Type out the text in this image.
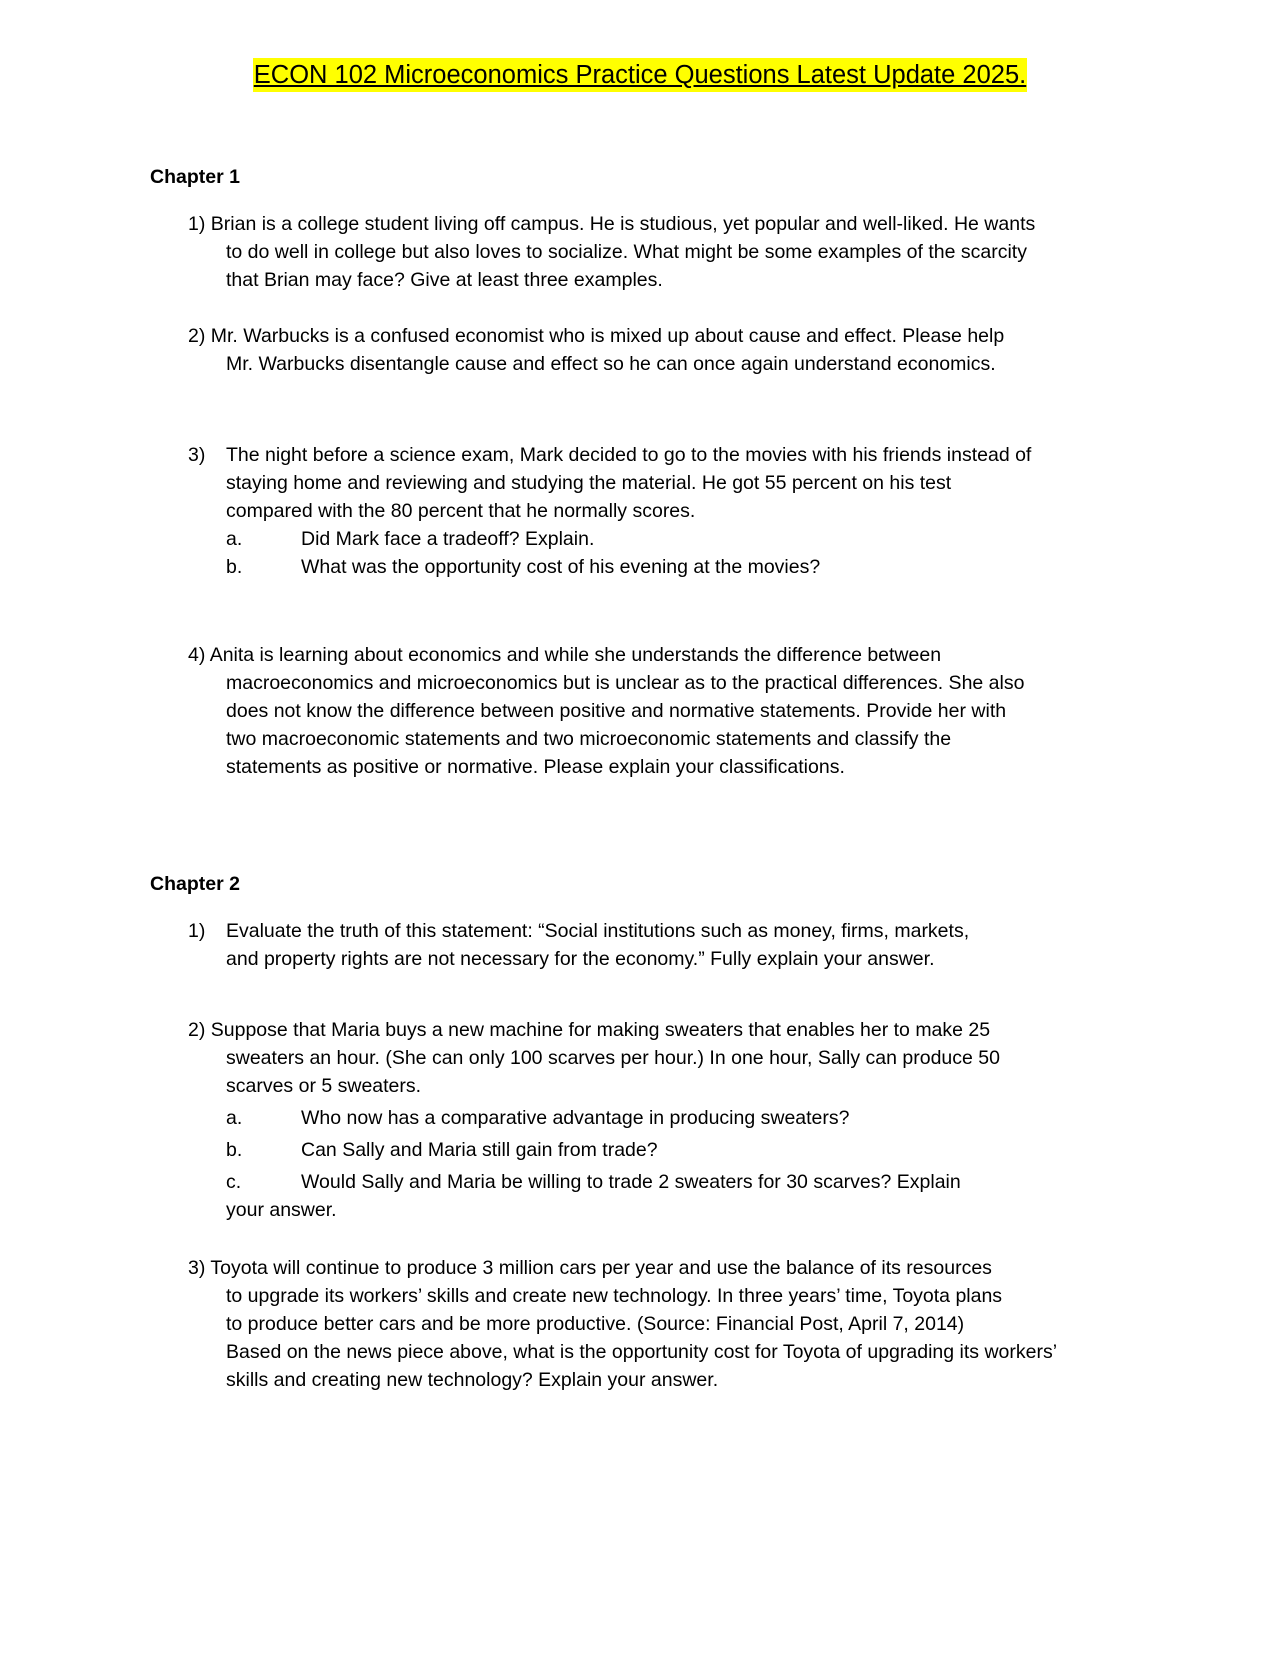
ECON 102 Microeconomics Practice Questions Latest Update 2025.
Chapter 1
1) Brian is a college student living off campus. He is studious, yet popular and well-liked. He wants
to do well in college but also loves to socialize. What might be some examples of the scarcity
that Brian may face? Give at least three examples.
2) Mr. Warbucks is a confused economist who is mixed up about cause and effect. Please help
Mr. Warbucks disentangle cause and effect so he can once again understand economics.
3) The night before a science exam, Mark decided to go to the movies with his friends instead of
staying home and reviewing and studying the material. He got 55 percent on his test
compared with the 80 percent that he normally scores.
a.	Did Mark face a tradeoff? Explain.
b.	What was the opportunity cost of his evening at the movies?
4) Anita is learning about economics and while she understands the difference between
macroeconomics and microeconomics but is unclear as to the practical differences. She also
does not know the difference between positive and normative statements. Provide her with
two macroeconomic statements and two microeconomic statements and classify the
statements as positive or normative. Please explain your classifications.
Chapter 2
1) Evaluate the truth of this statement: “Social institutions such as money, firms, markets,
and property rights are not necessary for the economy.” Fully explain your answer.
2) Suppose that Maria buys a new machine for making sweaters that enables her to make 25
sweaters an hour. (She can only 100 scarves per hour.) In one hour, Sally can produce 50
scarves or 5 sweaters.
a.	Who now has a comparative advantage in producing sweaters?
b.	Can Sally and Maria still gain from trade?
c.	Would Sally and Maria be willing to trade 2 sweaters for 30 scarves? Explain
your answer.
3) Toyota will continue to produce 3 million cars per year and use the balance of its resources
to upgrade its workers’ skills and create new technology. In three years’ time, Toyota plans
to produce better cars and be more productive. (Source: Financial Post, April 7, 2014)
Based on the news piece above, what is the opportunity cost for Toyota of upgrading its workers’
skills and creating new technology? Explain your answer.
